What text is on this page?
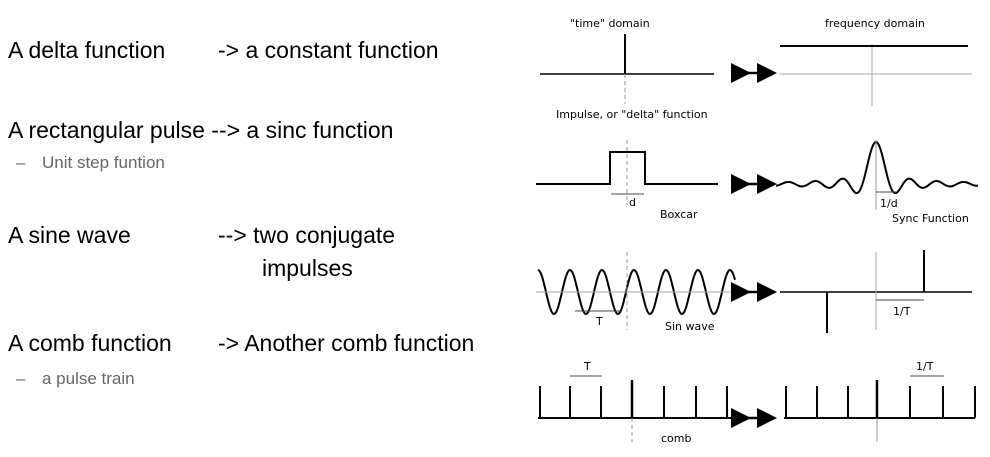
A delta function -> a constant function
A rectangular pulse --> a sinc function
– Unit step funtion
A sine wave	--> two conjugate
impulses
A comb function -> Another comb function
– a pulse train
"time" domain	frequency domain
Impulse, or "delta" function
d
Boxcar
1/d
Sync Function
T	Sin wave
1/T
T
comb
1/T
